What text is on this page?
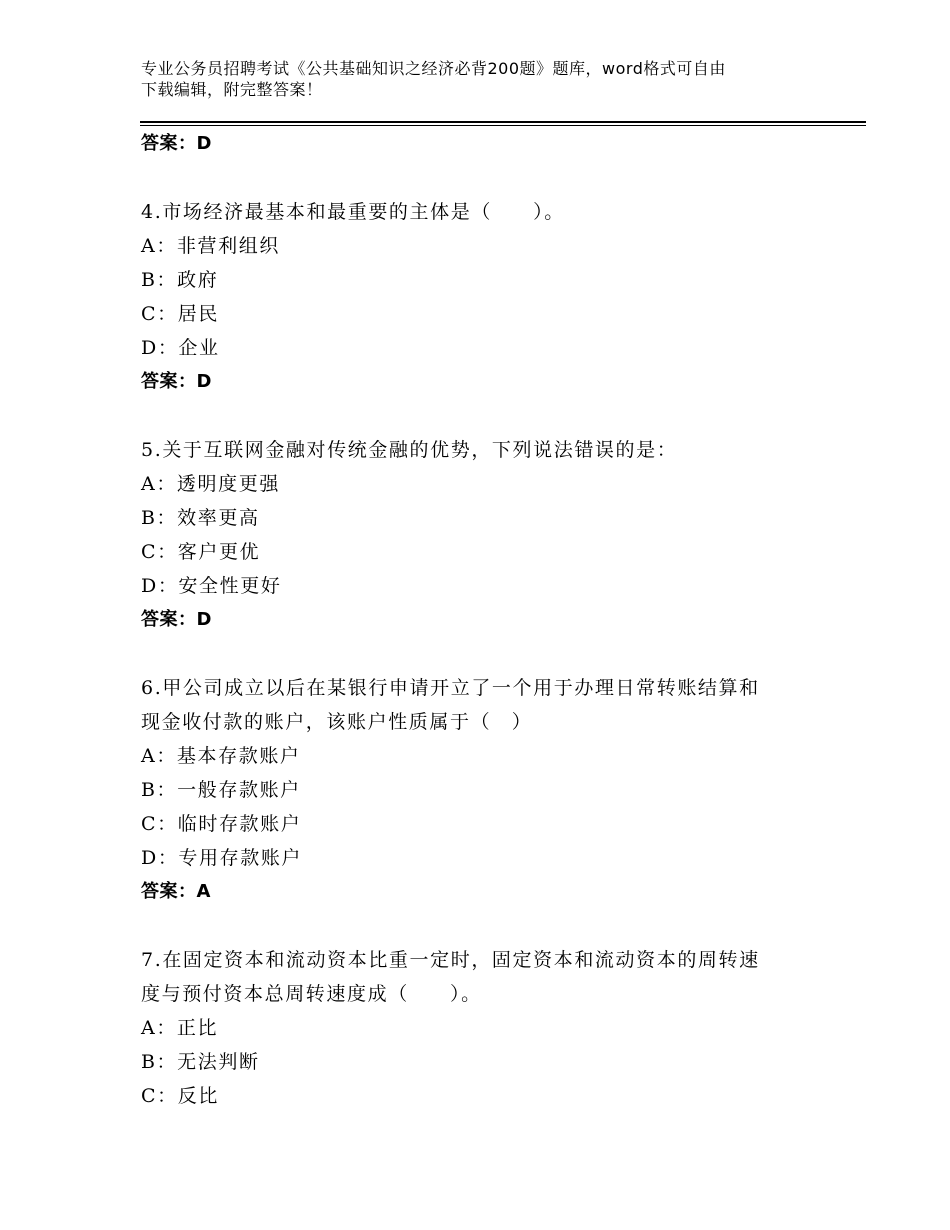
专业公务员招聘考试《公共基础知识之经济必背200题》题库，word格式可自由
下载编辑，附完整答案！
答案：D
4.市场经济最基本和最重要的主体是（　　）。
A：非营利组织
B：政府
C：居民
D：企业
答案：D
5.关于互联网金融对传统金融的优势，下列说法错误的是：
A：透明度更强
B：效率更高
C：客户更优
D：安全性更好
答案：D
6.甲公司成立以后在某银行申请开立了一个用于办理日常转账结算和
现金收付款的账户，该账户性质属于（　）
A：基本存款账户
B：一般存款账户
C：临时存款账户
D：专用存款账户
答案：A
7.在固定资本和流动资本比重一定时，固定资本和流动资本的周转速
度与预付资本总周转速度成（　　）。
A：正比
B：无法判断
C：反比
